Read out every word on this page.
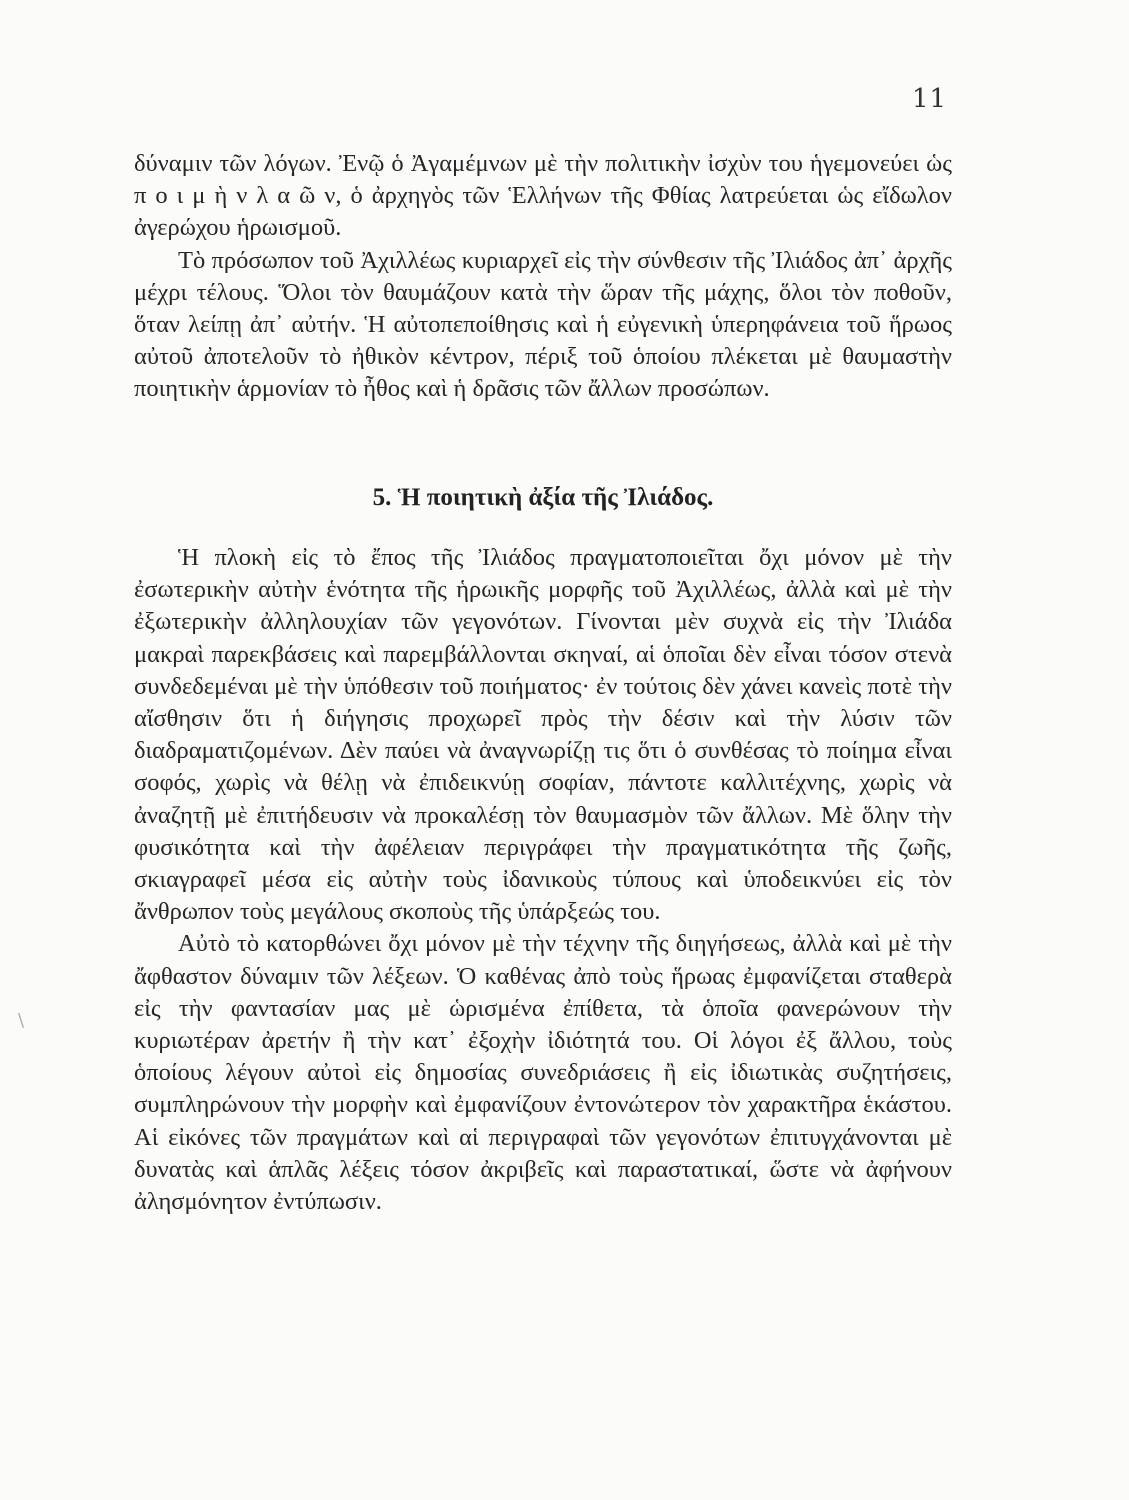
11

δύναμιν τῶν λόγων. Ἐνῷ ὁ Ἀγαμέμνων μὲ τὴν πολιτικὴν ἰσχὺν του ἡγεμονεύει ὡς π ο ι μ ὴ ν λ α ῶ ν, ὁ ἀρχηγὸς τῶν Ἑλλήνων τῆς Φθίας λατρεύεται ὡς εἴδωλον ἀγερώχου ἡρωισμοῦ.

Τὸ πρόσωπον τοῦ Ἀχιλλέως κυριαρχεῖ εἰς τὴν σύνθεσιν τῆς Ἰλιάδος ἀπ᾽ ἀρχῆς μέχρι τέλους. Ὅλοι τὸν θαυμάζουν κατὰ τὴν ὥραν τῆς μάχης, ὅλοι τὸν ποθοῦν, ὅταν λείπῃ ἀπ᾽ αὐτήν. Ἡ αὐτοπεποίθησις καὶ ἡ εὐγενικὴ ὑπερηφάνεια τοῦ ἥρωος αὐτοῦ ἀποτελοῦν τὸ ἠθικὸν κέντρον, πέριξ τοῦ ὁποίου πλέκεται μὲ θαυμαστὴν ποιητικὴν ἁρμονίαν τὸ ἦθος καὶ ἡ δρᾶσις τῶν ἄλλων προσώπων.

5. Ἡ ποιητικὴ ἀξία τῆς Ἰλιάδος.

Ἡ πλοκὴ εἰς τὸ ἔπος τῆς Ἰλιάδος πραγματοποιεῖται ὄχι μόνον μὲ τὴν ἐσωτερικὴν αὐτὴν ἑνότητα τῆς ἡρωικῆς μορφῆς τοῦ Ἀχιλλέως, ἀλλὰ καὶ μὲ τὴν ἐξωτερικὴν ἀλληλουχίαν τῶν γεγονότων. Γίνονται μὲν συχνὰ εἰς τὴν Ἰλιάδα μακραὶ παρεκβάσεις καὶ παρεμβάλλονται σκηναί, αἱ ὁποῖαι δὲν εἶναι τόσον στενὰ συνδεδεμέναι μὲ τὴν ὑπόθεσιν τοῦ ποιήματος· ἐν τούτοις δὲν χάνει κανεὶς ποτὲ τὴν αἴσθησιν ὅτι ἡ διήγησις προχωρεῖ πρὸς τὴν δέσιν καὶ τὴν λύσιν τῶν διαδραματιζομένων. Δὲν παύει νὰ ἀναγνωρίζῃ τις ὅτι ὁ συνθέσας τὸ ποίημα εἶναι σοφός, χωρὶς νὰ θέλῃ νὰ ἐπιδεικνύῃ σοφίαν, πάντοτε καλλιτέχνης, χωρὶς νὰ ἀναζητῇ μὲ ἐπιτήδευσιν νὰ προκαλέσῃ τὸν θαυμασμὸν τῶν ἄλλων. Μὲ ὅλην τὴν φυσικότητα καὶ τὴν ἀφέλειαν περιγράφει τὴν πραγματικότητα τῆς ζωῆς, σκιαγραφεῖ μέσα εἰς αὐτὴν τοὺς ἰδανικοὺς τύπους καὶ ὑποδεικνύει εἰς τὸν ἄνθρωπον τοὺς μεγάλους σκοποὺς τῆς ὑπάρξεώς του.

Αὐτὸ τὸ κατορθώνει ὄχι μόνον μὲ τὴν τέχνην τῆς διηγήσεως, ἀλλὰ καὶ μὲ τὴν ἄφθαστον δύναμιν τῶν λέξεων. Ὁ καθένας ἀπὸ τοὺς ἥρωας ἐμφανίζεται σταθερὰ εἰς τὴν φαντασίαν μας μὲ ὡρισμένα ἐπίθετα, τὰ ὁποῖα φανερώνουν τὴν κυριωτέραν ἀρετήν ἢ τὴν κατ᾽ ἐξοχὴν ἰδιότητά του. Οἱ λόγοι ἐξ ἄλλου, τοὺς ὁποίους λέγουν αὐτοὶ εἰς δημοσίας συνεδριάσεις ἢ εἰς ἰδιωτικὰς συζητήσεις, συμπληρώνουν τὴν μορφὴν καὶ ἐμφανίζουν ἐντονώτερον τὸν χαρακτῆρα ἑκάστου. Αἱ εἰκόνες τῶν πραγμάτων καὶ αἱ περιγραφαὶ τῶν γεγονότων ἐπιτυγχάνονται μὲ δυνατὰς καὶ ἁπλᾶς λέξεις τόσον ἀκριβεῖς καὶ παραστατικαί, ὥστε νὰ ἀφήνουν ἀλησμόνητον ἐντύπωσιν.

\
